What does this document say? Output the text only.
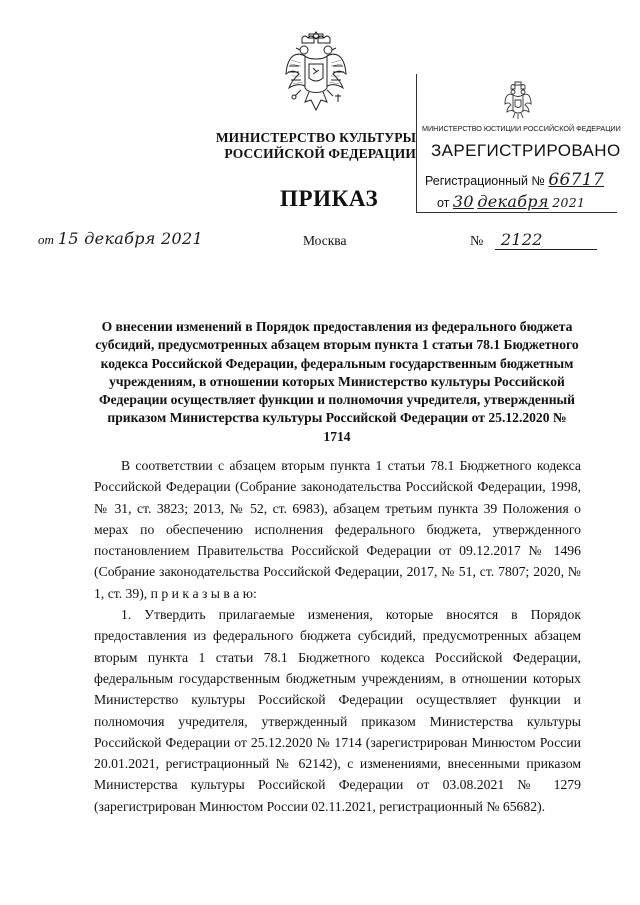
МИНИСТЕРСТВО КУЛЬТУРЫ
РОССИЙСКОЙ ФЕДЕРАЦИИ
ПРИКАЗ
МИНИСТЕРСТВО ЮСТИЦИИ РОССИЙСКОЙ ФЕДЕРАЦИИ
ЗАРЕГИСТРИРОВАНО
Регистрационный № 66717
от 30 декабря 2021
от 15 декабря 2021	Москва	№ 2122
О внесении изменений в Порядок предоставления из федерального бюджета субсидий, предусмотренных абзацем вторым пункта 1 статьи 78.1 Бюджетного кодекса Российской Федерации, федеральным государственным бюджетным учреждениям, в отношении которых Министерство культуры Российской Федерации осуществляет функции и полномочия учредителя, утвержденный приказом Министерства культуры Российской Федерации от 25.12.2020 № 1714

В соответствии с абзацем вторым пункта 1 статьи 78.1 Бюджетного кодекса Российской Федерации (Собрание законодательства Российской Федерации, 1998, № 31, ст. 3823; 2013, № 52, ст. 6983), абзацем третьим пункта 39 Положения о мерах по обеспечению исполнения федерального бюджета, утвержденного постановлением Правительства Российской Федерации от 09.12.2017 № 1496 (Собрание законодательства Российской Федерации, 2017, № 51, ст. 7807; 2020, № 1, ст. 39), п р и к а з ы в а ю:

1. Утвердить прилагаемые изменения, которые вносятся в Порядок предоставления из федерального бюджета субсидий, предусмотренных абзацем вторым пункта 1 статьи 78.1 Бюджетного кодекса Российской Федерации, федеральным государственным бюджетным учреждениям, в отношении которых Министерство культуры Российской Федерации осуществляет функции и полномочия учредителя, утвержденный приказом Министерства культуры Российской Федерации от 25.12.2020 № 1714 (зарегистрирован Минюстом России 20.01.2021, регистрационный № 62142), с изменениями, внесенными приказом Министерства культуры Российской Федерации от 03.08.2021 № 1279 (зарегистрирован Минюстом России 02.11.2021, регистрационный № 65682).
